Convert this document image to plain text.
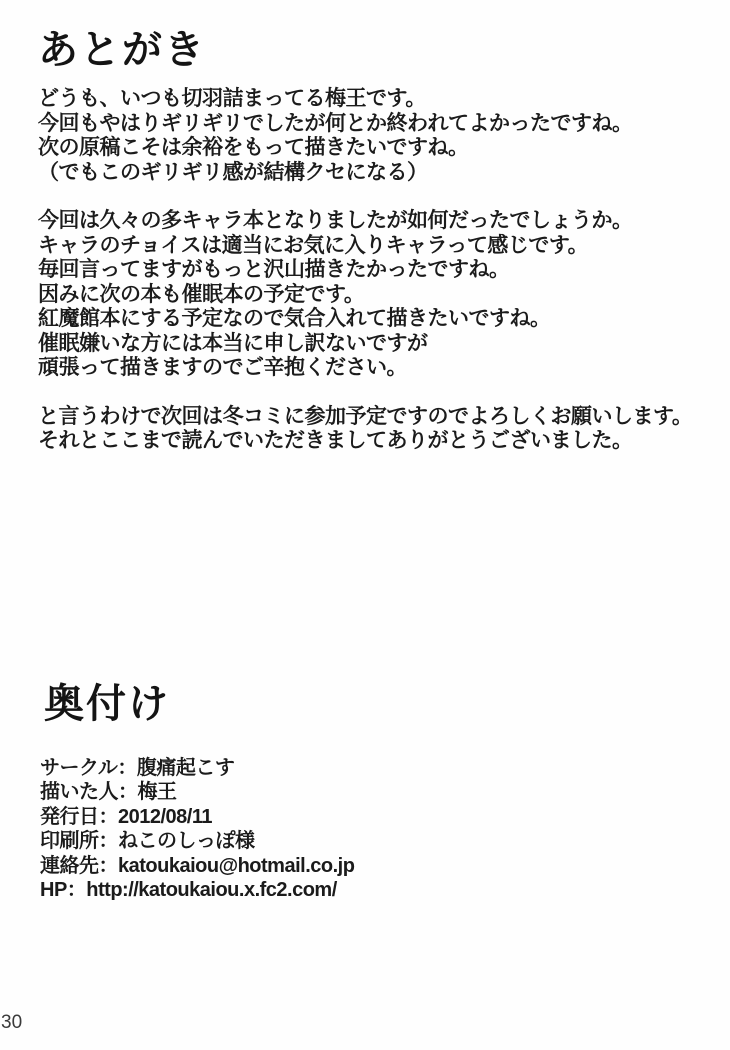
あとがき
どうも、いつも切羽詰まってる梅王です。
今回もやはりギリギリでしたが何とか終われてよかったですね。
次の原稿こそは余裕をもって描きたいですね。
（でもこのギリギリ感が結構クセになる）
今回は久々の多キャラ本となりましたが如何だったでしょうか。
キャラのチョイスは適当にお気に入りキャラって感じです。
毎回言ってますがもっと沢山描きたかったですね。
因みに次の本も催眠本の予定です。
紅魔館本にする予定なので気合入れて描きたいですね。
催眠嫌いな方には本当に申し訳ないですが
頑張って描きますのでご辛抱ください。
と言うわけで次回は冬コミに参加予定ですのでよろしくお願いします。
それとここまで読んでいただきましてありがとうございました。
奥付け
サークル：腹痛起こす
描いた人：梅王
発行日：2012/08/11
印刷所：ねこのしっぽ様
連絡先：katoukaiou@hotmail.co.jp
HP：http://katoukaiou.x.fc2.com/
30
